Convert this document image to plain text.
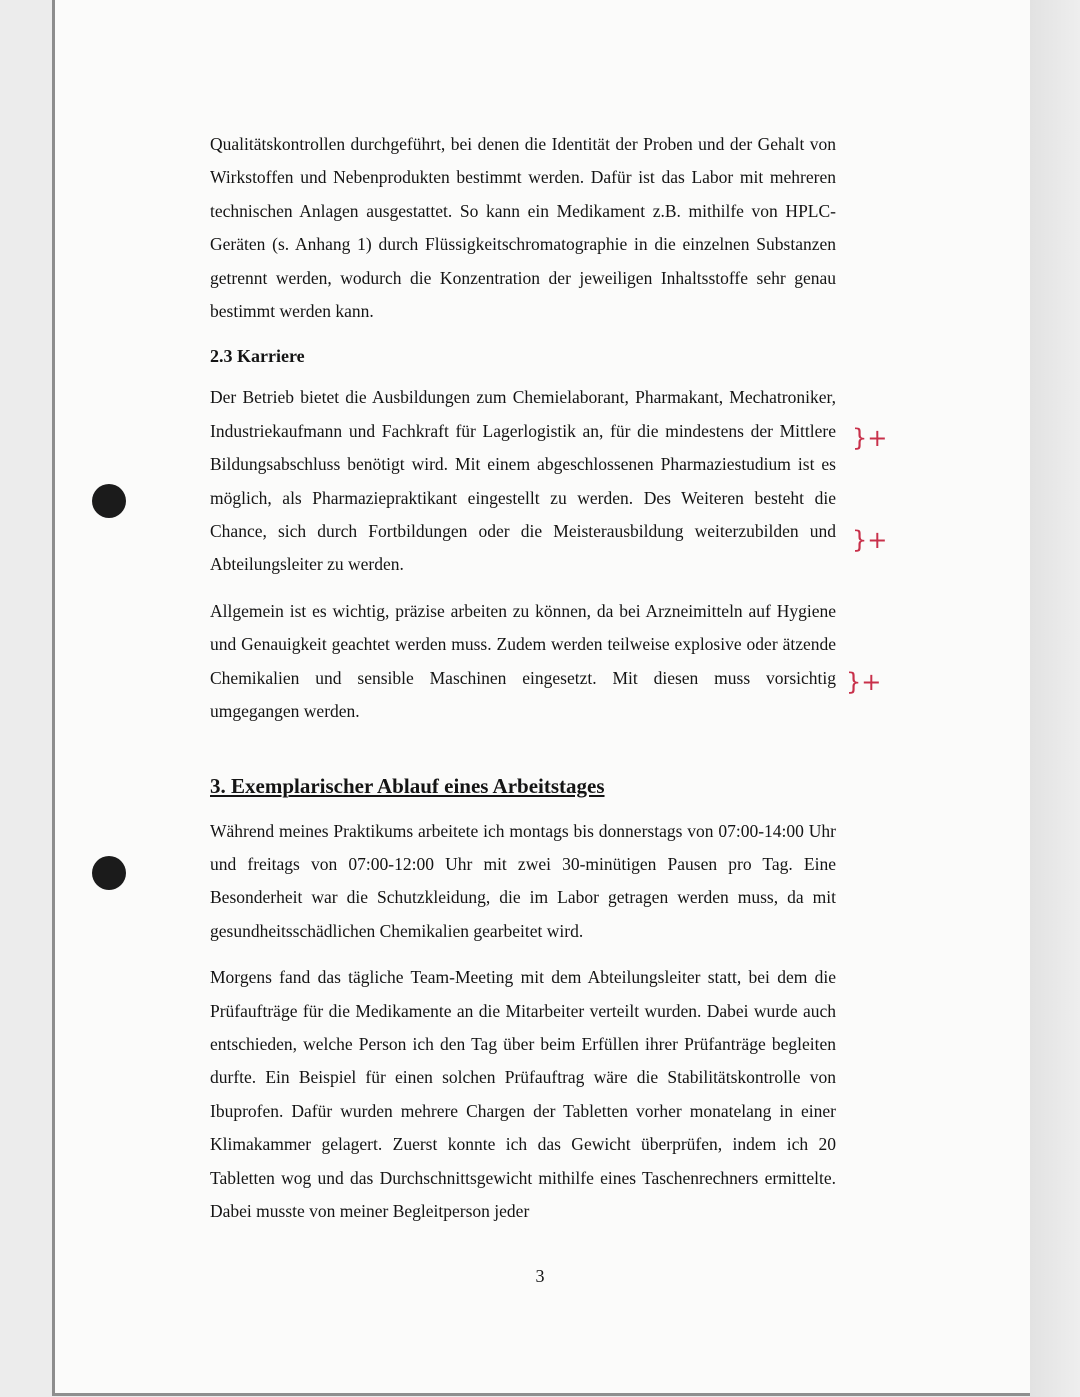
Qualitätskontrollen durchgeführt, bei denen die Identität der Proben und der Gehalt von Wirkstoffen und Nebenprodukten bestimmt werden. Dafür ist das Labor mit mehreren technischen Anlagen ausgestattet. So kann ein Medikament z.B. mithilfe von HPLC-Geräten (s. Anhang 1) durch Flüssigkeitschromatographie in die einzelnen Substanzen getrennt werden, wodurch die Konzentration der jeweiligen Inhaltsstoffe sehr genau bestimmt werden kann.

2.3 Karriere

Der Betrieb bietet die Ausbildungen zum Chemielaborant, Pharmakant, Mechatroniker, Industriekaufmann und Fachkraft für Lagerlogistik an, für die mindestens der Mittlere Bildungsabschluss benötigt wird. Mit einem abgeschlossenen Pharmaziestudium ist es möglich, als Pharmaziepraktikant eingestellt zu werden. Des Weiteren besteht die Chance, sich durch Fortbildungen oder die Meisterausbildung weiterzubilden und Abteilungsleiter zu werden.

Allgemein ist es wichtig, präzise arbeiten zu können, da bei Arzneimitteln auf Hygiene und Genauigkeit geachtet werden muss. Zudem werden teilweise explosive oder ätzende Chemikalien und sensible Maschinen eingesetzt. Mit diesen muss vorsichtig umgegangen werden.

3. Exemplarischer Ablauf eines Arbeitstages

Während meines Praktikums arbeitete ich montags bis donnerstags von 07:00-14:00 Uhr und freitags von 07:00-12:00 Uhr mit zwei 30-minütigen Pausen pro Tag. Eine Besonderheit war die Schutzkleidung, die im Labor getragen werden muss, da mit gesundheitsschädlichen Chemikalien gearbeitet wird.

Morgens fand das tägliche Team-Meeting mit dem Abteilungsleiter statt, bei dem die Prüfaufträge für die Medikamente an die Mitarbeiter verteilt wurden. Dabei wurde auch entschieden, welche Person ich den Tag über beim Erfüllen ihrer Prüfanträge begleiten durfte. Ein Beispiel für einen solchen Prüfauftrag wäre die Stabilitätskontrolle von Ibuprofen. Dafür wurden mehrere Chargen der Tabletten vorher monatelang in einer Klimakammer gelagert. Zuerst konnte ich das Gewicht überprüfen, indem ich 20 Tabletten wog und das Durchschnittsgewicht mithilfe eines Taschenrechners ermittelte. Dabei musste von meiner Begleitperson jeder

}+
}+
}+
3
